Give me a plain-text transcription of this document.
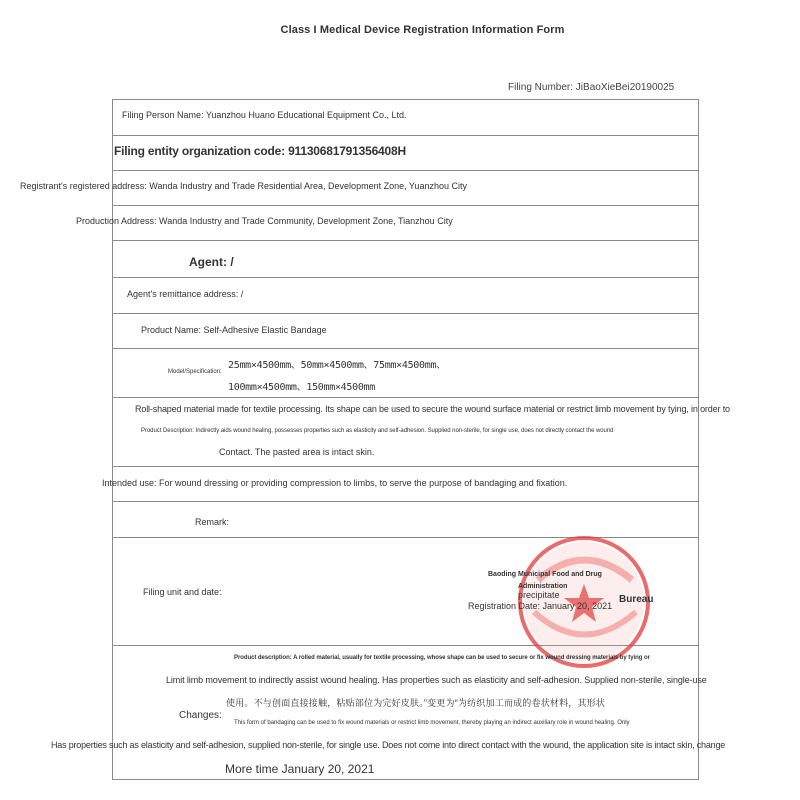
Class I Medical Device Registration Information Form
Filing Number: JiBaoXieBei20190025
Filing Person Name: Yuanzhou Huano Educational Equipment Co., Ltd.
Filing entity organization code: 91130681791356408H
Registrant's registered address: Wanda Industry and Trade Residential Area, Development Zone, Yuanzhou City
Production Address: Wanda Industry and Trade Community, Development Zone, Tianzhou City
Agent: /
Agent's remittance address: /
Product Name: Self-Adhesive Elastic Bandage
Model/Specification:
25mm×4500mm、50mm×4500mm、75mm×4500mm、
100mm×4500mm、150mm×4500mm
Roll-shaped material made for textile processing. Its shape can be used to secure the wound surface material or restrict limb movement by tying, in order to
Product Description: Indirectly aids wound healing, possesses properties such as elasticity and self-adhesion. Supplied non-sterile, for single use, does not directly contact the wound
Contact. The pasted area is intact skin.
Intended use: For wound dressing or providing compression to limbs, to serve the purpose of bandaging and fixation.
Remark:
Filing unit and date:
Baoding Municipal Food and Drug
Administration
precipitate	Bureau
Registration Date: January 20, 2021
Product description: A rolled material, usually for textile processing, whose shape can be used to secure or fix wound dressing materials by tying or
Limit limb movement to indirectly assist wound healing. Has properties such as elasticity and self-adhesion. Supplied non-sterile, single-use
使用。不与创面直接接触，粘贴部位为完好皮肤。”变更为“为纺织加工而成的卷状材料，其形状
Changes:
This form of bandaging can be used to fix wound materials or restrict limb movement, thereby playing an indirect auxiliary role in wound healing. Only
Has properties such as elasticity and self-adhesion, supplied non-sterile, for single use. Does not come into direct contact with the wound, the application site is intact skin, change
More time January 20, 2021
